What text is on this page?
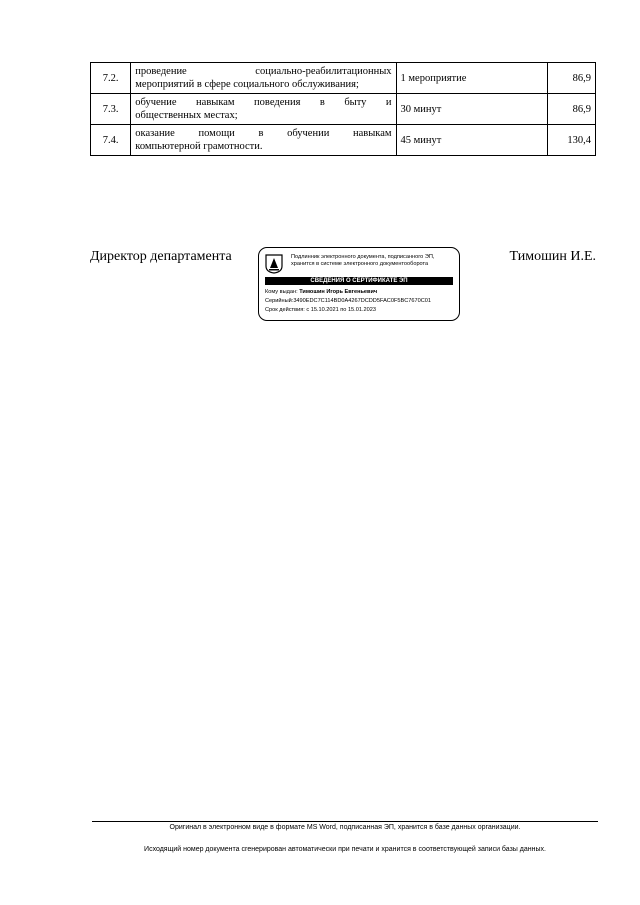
7.2.	проведение социально-реабилитационных
мероприятий в сфере социального обслуживания;	1 мероприятие	86,9
7.3.	обучение навыкам поведения в быту и
общественных местах;	30 минут	86,9
7.4.	оказание помощи в обучении навыкам
компьютерной грамотности.	45 минут	130,4
Директор департамента	Подлинник электронного документа, подписанного ЭП, хранится в системе электронного документооборота
СВЕДЕНИЯ О СЕРТИФИКАТЕ ЭП
Кому выдан: Тимошин Игорь Евгеньевич
Серийный:3490EDC7C114BD0A4267DCDD5FAC0F5BC7670C01
Срок действия: с 15.10.2021 по 15.01.2023
Тимошин И.Е.
Оригинал в электронном виде в формате MS Word, подписанная ЭП, хранится в базе данных организации.
Исходящий номер документа сгенерирован автоматически при печати и хранится в соответствующей записи базы данных.
